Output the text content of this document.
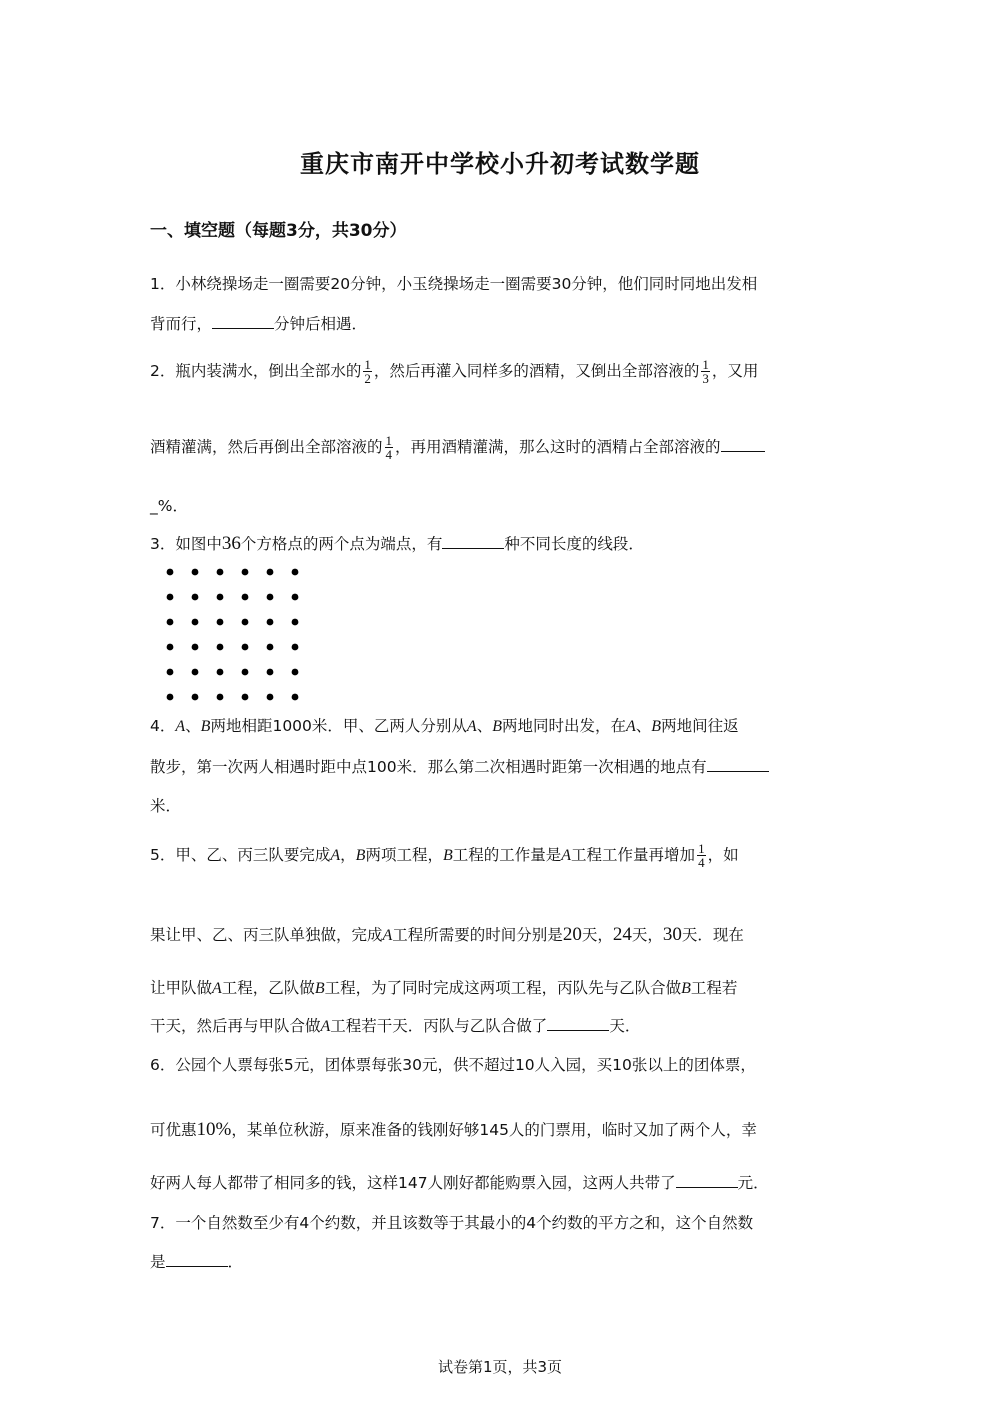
重庆市南开中学校小升初考试数学题
一、填空题（每题3分，共30分）
1．小林绕操场走一圈需要20分钟，小玉绕操场走一圈需要30分钟，他们同时同地出发相
背而行，	分钟后相遇．
2．瓶内装满水，倒出全部水的 $\frac{1}{2}$ ，然后再灌入同样多的酒精，又倒出全部溶液的 $\frac{1}{3}$ ，又用
酒精灌满，然后再倒出全部溶液的 $\frac{1}{4}$ ，再用酒精灌满，那么这时的酒精占全部溶液的
_%．
3．如图中36个方格点的两个点为端点，有	种不同长度的线段．
4．A、B两地相距1000米．甲、乙两人分别从A、B两地同时出发，在A、B两地间往返
散步，第一次两人相遇时距中点100米．那么第二次相遇时距第一次相遇的地点有
米．
5．甲、乙、丙三队要完成A，B两项工程，B工程的工作量是A工程工作量再增加 $\frac{1}{4}$ ，如
果让甲、乙、丙三队单独做，完成A工程所需要的时间分别是20天，24天，30天．现在
让甲队做A工程，乙队做B工程，为了同时完成这两项工程，丙队先与乙队合做B工程若
干天，然后再与甲队合做A工程若干天．丙队与乙队合做了	天．
6．公园个人票每张5元，团体票每张30元，供不超过10人入园，买10张以上的团体票，
可优惠10%，某单位秋游，原来准备的钱刚好够145人的门票用，临时又加了两个人，幸
好两人每人都带了相同多的钱，这样147人刚好都能购票入园，这两人共带了	元．
7．一个自然数至少有4个约数，并且该数等于其最小的4个约数的平方之和，这个自然数
是	．
试卷第1页，共3页
